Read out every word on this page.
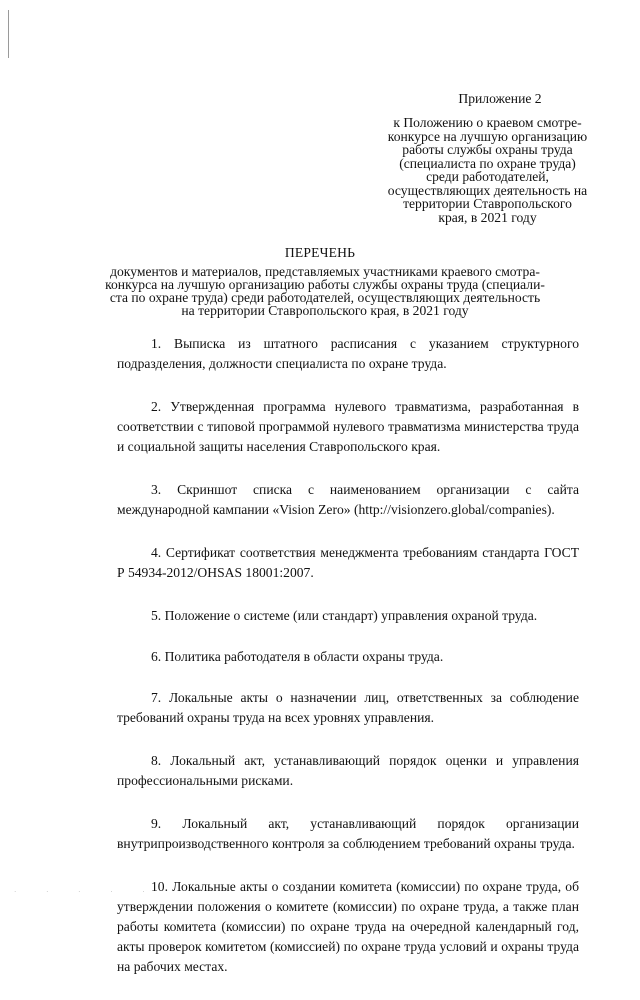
Приложение 2
к Положению о краевом смотре-
конкурсе на лучшую организацию
работы службы охраны труда
(специалиста по охране труда)
среди работодателей,
осуществляющих деятельность на
территории Ставропольского
края, в 2021 году
ПЕРЕЧЕНЬ
документов и материалов, представляемых участниками краевого смотра-
конкурса на лучшую организацию работы службы охраны труда (специали-
ста по охране труда) среди работодателей, осуществляющих деятельность
на территории Ставропольского края, в 2021 году

1. Выписка из штатного расписания с указанием структурного подразделения, должности специалиста по охране труда.

2. Утвержденная программа нулевого травматизма, разработанная в соответствии с типовой программой нулевого травматизма министерства труда и социальной защиты населения Ставропольского края.

3. Скриншот списка с наименованием организации с сайта международной кампании «Vision Zero» (http://visionzero.global/companies).

4. Сертификат соответствия менеджмента требованиям стандарта ГОСТ Р 54934-2012/OHSAS 18001:2007.

5. Положение о системе (или стандарт) управления охраной труда.

6. Политика работодателя в области охраны труда.

7. Локальные акты о назначении лиц, ответственных за соблюдение требований охраны труда на всех уровнях управления.

8. Локальный акт, устанавливающий порядок оценки и управления профессиональными рисками.

9. Локальный акт, устанавливающий порядок организации внутрипроизводственного контроля за соблюдением требований охраны труда.

10. Локальные акты о создании комитета (комиссии) по охране труда, об утверждении положения о комитете (комиссии) по охране труда, а также план работы комитета (комиссии) по охране труда на очередной календарный год, акты проверок комитетом (комиссией) по охране труда условий и охраны труда на рабочих местах.

· · · · ·
